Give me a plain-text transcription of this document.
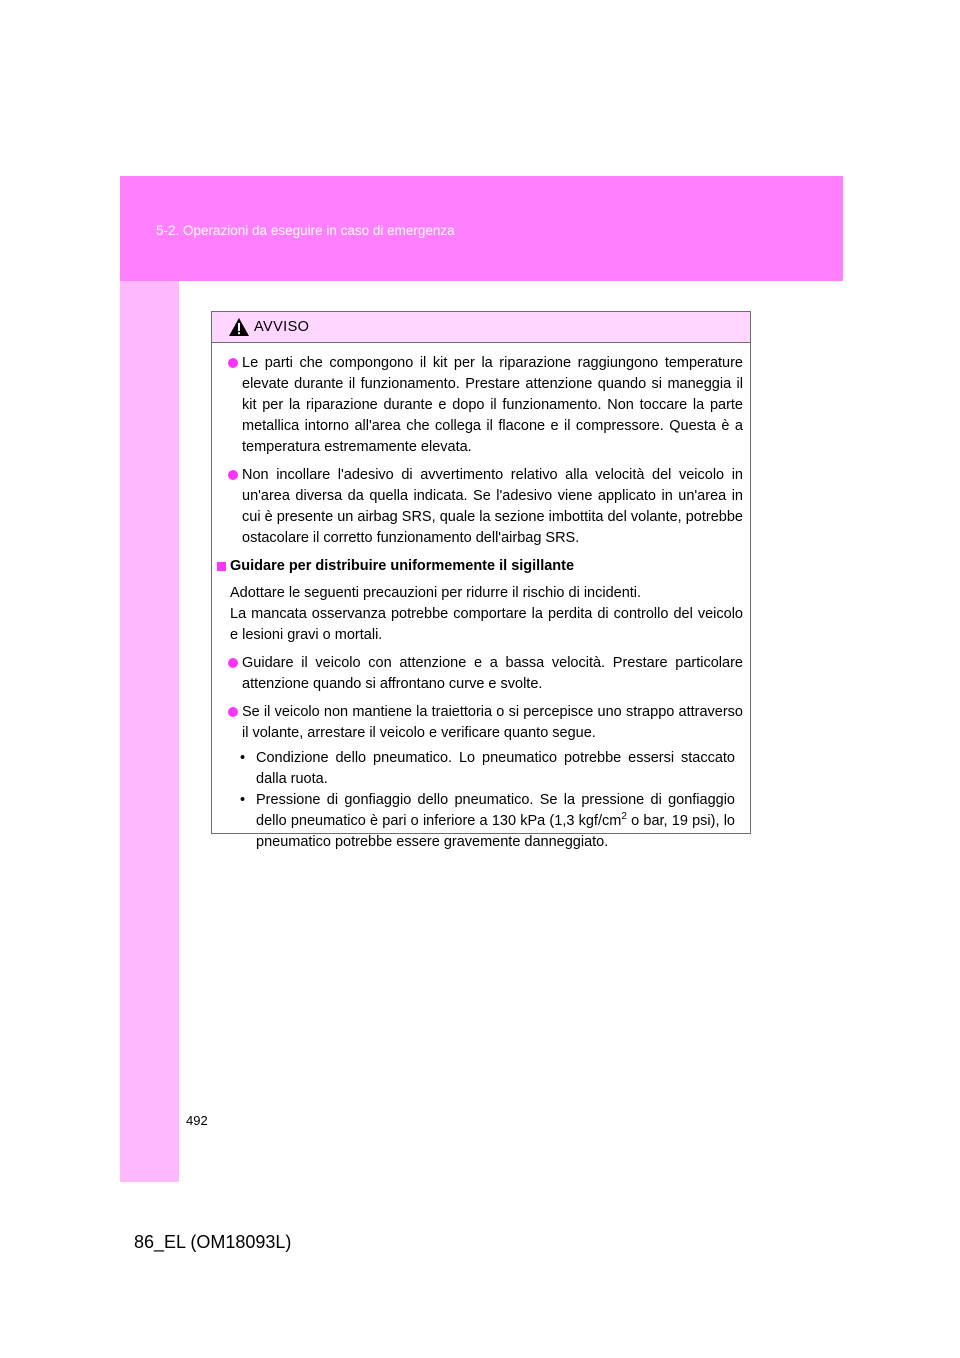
5-2. Operazioni da eseguire in caso di emergenza
AVVISO
Le parti che compongono il kit per la riparazione raggiungono temperature elevate durante il funzionamento. Prestare attenzione quando si maneggia il kit per la riparazione durante e dopo il funzionamento. Non toccare la parte metallica intorno all'area che collega il flacone e il compressore. Questa è a temperatura estremamente elevata.
Non incollare l'adesivo di avvertimento relativo alla velocità del veicolo in un'area diversa da quella indicata. Se l'adesivo viene applicato in un'area in cui è presente un airbag SRS, quale la sezione imbottita del volante, potrebbe ostacolare il corretto funzionamento dell'airbag SRS.
Guidare per distribuire uniformemente il sigillante
Adottare le seguenti precauzioni per ridurre il rischio di incidenti.
La mancata osservanza potrebbe comportare la perdita di controllo del veicolo e lesioni gravi o mortali.
Guidare il veicolo con attenzione e a bassa velocità. Prestare particolare attenzione quando si affrontano curve e svolte.
Se il veicolo non mantiene la traiettoria o si percepisce uno strappo attraverso il volante, arrestare il veicolo e verificare quanto segue.
• Condizione dello pneumatico. Lo pneumatico potrebbe essersi staccato dalla ruota.
• Pressione di gonfiaggio dello pneumatico. Se la pressione di gonfiaggio dello pneumatico è pari o inferiore a 130 kPa (1,3 kgf/$cm^2$ o bar, 19 psi), lo pneumatico potrebbe essere gravemente danneggiato.
492
86_EL (OM18093L)
